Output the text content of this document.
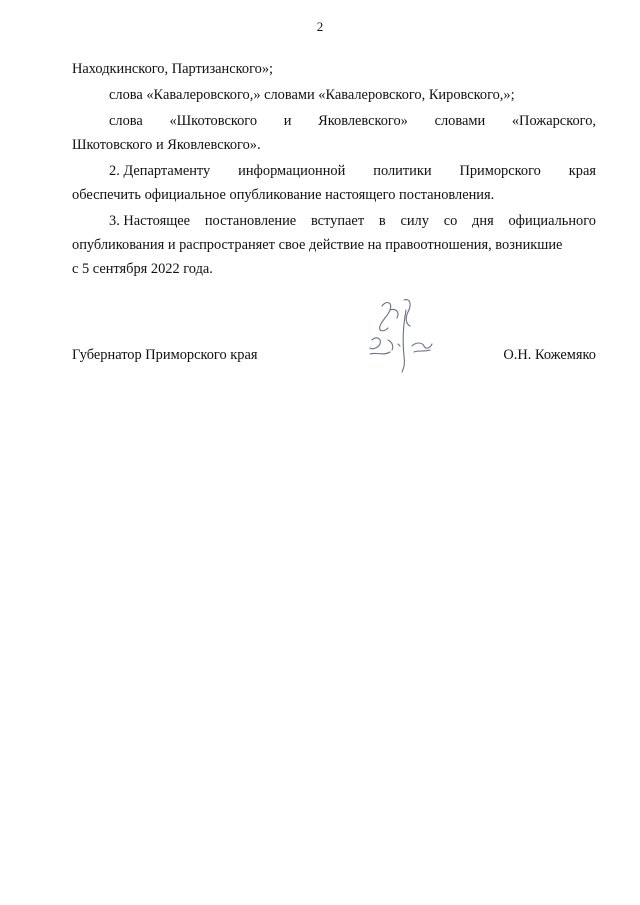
2
Находкинского, Партизанского»;
слова «Кавалеровского,» словами «Кавалеровского, Кировского,»;
слова «Шкотовского и Яковлевского» словами «Пожарского,
Шкотовского и Яковлевского».
2. Департаменту информационной политики Приморского края
обеспечить официальное опубликование настоящего постановления.
3. Настоящее постановление вступает в силу со дня официального
опубликования и распространяет свое действие на правоотношения, возникшие
с 5 сентября 2022 года.
Губернатор Приморского края	О.Н. Кожемяко
